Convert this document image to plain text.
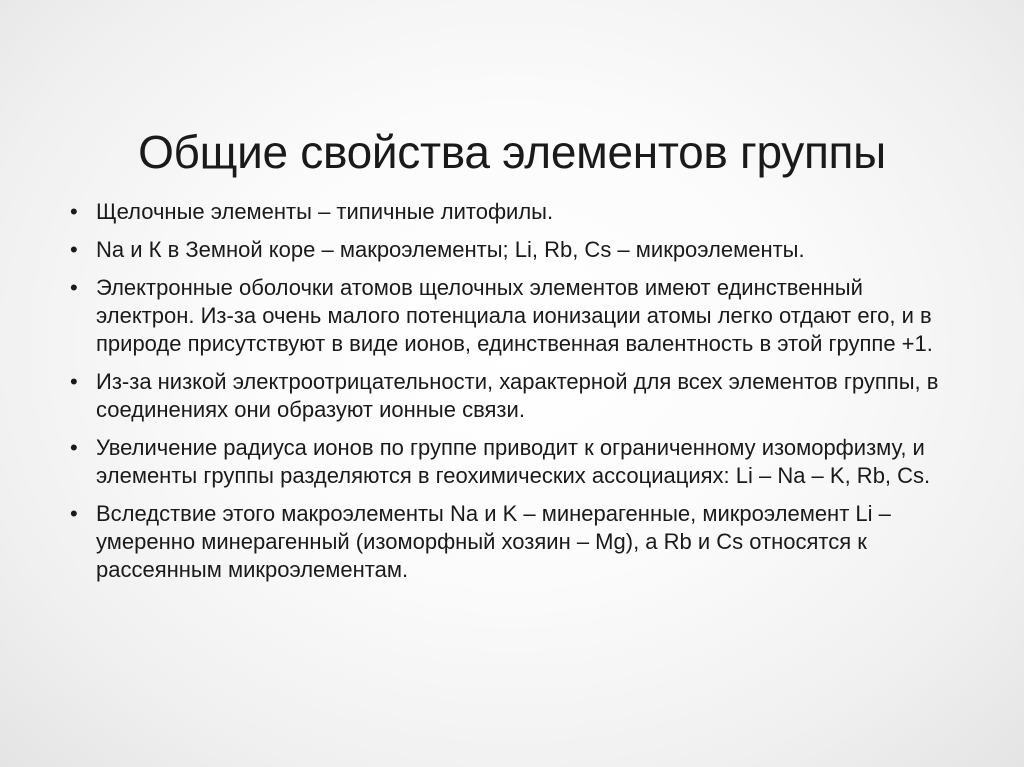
Общие свойства элементов группы
• Щелочные элементы – типичные литофилы.
• Na и К в Земной коре – макроэлементы; Li, Rb, Cs – микроэлементы.
• Электронные оболочки атомов щелочных элементов имеют единственный электрон. Из-за очень малого потенциала ионизации атомы легко отдают его, и в природе присутствуют в виде ионов, единственная валентность в этой группе +1.
• Из-за низкой электроотрицательности, характерной для всех элементов группы, в соединениях они образуют ионные связи.
• Увеличение радиуса ионов по группе приводит к ограниченному изоморфизму, и элементы группы разделяются в геохимических ассоциациях: Li – Na – K, Rb, Cs.
• Вследствие этого макроэлементы Na и K – минерагенные, микроэлемент Li – умеренно минерагенный (изоморфный хозяин – Mg), а Rb и Cs относятся к рассеянным микроэлементам.
